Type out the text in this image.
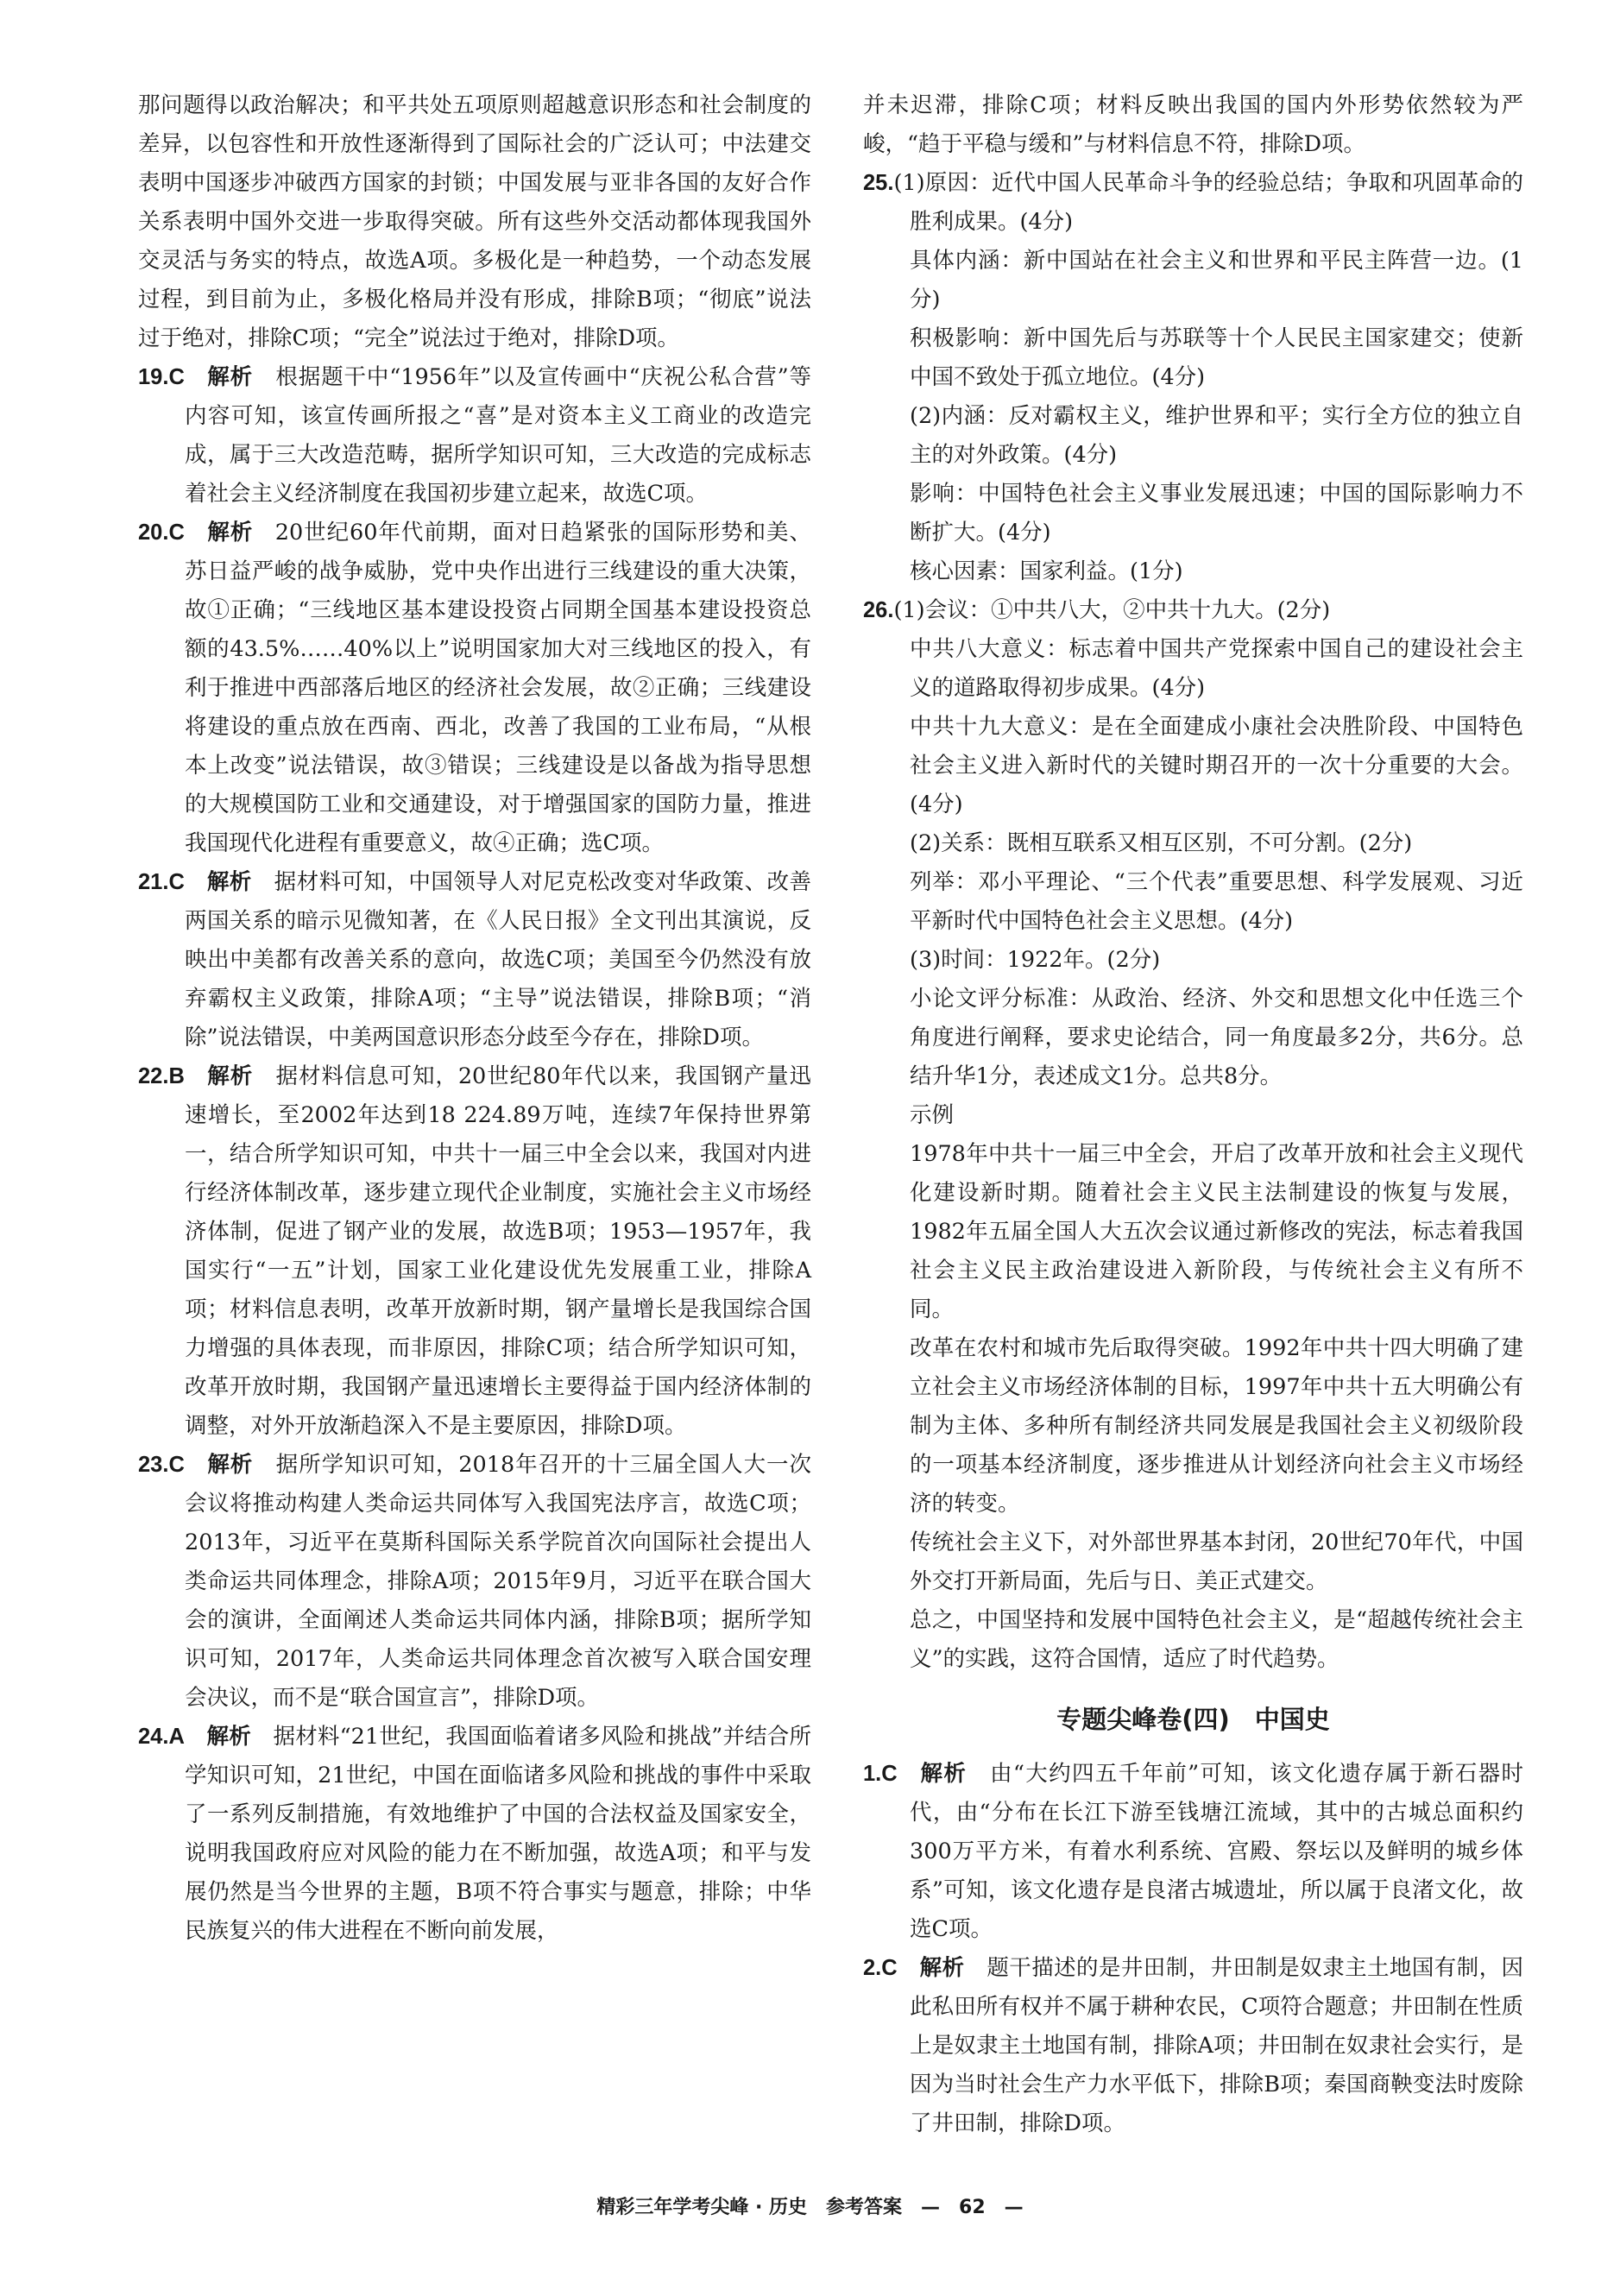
那问题得以政治解决；和平共处五项原则超越意识形态和社会制度的差异，以包容性和开放性逐渐得到了国际社会的广泛认可；中法建交表明中国逐步冲破西方国家的封锁；中国发展与亚非各国的友好合作关系表明中国外交进一步取得突破。所有这些外交活动都体现我国外交灵活与务实的特点，故选A项。多极化是一种趋势，一个动态发展过程，到目前为止，多极化格局并没有形成，排除B项；“彻底”说法过于绝对，排除C项；“完全”说法过于绝对，排除D项。

19.C  解析  根据题干中“1956年”以及宣传画中“庆祝公私合营”等内容可知，该宣传画所报之“喜”是对资本主义工商业的改造完成，属于三大改造范畴，据所学知识可知，三大改造的完成标志着社会主义经济制度在我国初步建立起来，故选C项。

20.C  解析  20世纪60年代前期，面对日趋紧张的国际形势和美、苏日益严峻的战争威胁，党中央作出进行三线建设的重大决策，故①正确；“三线地区基本建设投资占同期全国基本建设投资总额的43.5%……40%以上”说明国家加大对三线地区的投入，有利于推进中西部落后地区的经济社会发展，故②正确；三线建设将建设的重点放在西南、西北，改善了我国的工业布局，“从根本上改变”说法错误，故③错误；三线建设是以备战为指导思想的大规模国防工业和交通建设，对于增强国家的国防力量，推进我国现代化进程有重要意义，故④正确；选C项。

21.C  解析  据材料可知，中国领导人对尼克松改变对华政策、改善两国关系的暗示见微知著，在《人民日报》全文刊出其演说，反映出中美都有改善关系的意向，故选C项；美国至今仍然没有放弃霸权主义政策，排除A项；“主导”说法错误，排除B项；“消除”说法错误，中美两国意识形态分歧至今存在，排除D项。

22.B  解析  据材料信息可知，20世纪80年代以来，我国钢产量迅速增长，至2002年达到18 224.89万吨，连续7年保持世界第一，结合所学知识可知，中共十一届三中全会以来，我国对内进行经济体制改革，逐步建立现代企业制度，实施社会主义市场经济体制，促进了钢产业的发展，故选B项；1953—1957年，我国实行“一五”计划，国家工业化建设优先发展重工业，排除A项；材料信息表明，改革开放新时期，钢产量增长是我国综合国力增强的具体表现，而非原因，排除C项；结合所学知识可知，改革开放时期，我国钢产量迅速增长主要得益于国内经济体制的调整，对外开放渐趋深入不是主要原因，排除D项。

23.C  解析  据所学知识可知，2018年召开的十三届全国人大一次会议将推动构建人类命运共同体写入我国宪法序言，故选C项；2013年，习近平在莫斯科国际关系学院首次向国际社会提出人类命运共同体理念，排除A项；2015年9月，习近平在联合国大会的演讲，全面阐述人类命运共同体内涵，排除B项；据所学知识可知，2017年，人类命运共同体理念首次被写入联合国安理会决议，而不是“联合国宣言”，排除D项。

24.A  解析  据材料“21世纪，我国面临着诸多风险和挑战”并结合所学知识可知，21世纪，中国在面临诸多风险和挑战的事件中采取了一系列反制措施，有效地维护了中国的合法权益及国家安全，说明我国政府应对风险的能力在不断加强，故选A项；和平与发展仍然是当今世界的主题，B项不符合事实与题意，排除；中华民族复兴的伟大进程在不断向前发展，

并未迟滞，排除C项；材料反映出我国的国内外形势依然较为严峻，“趋于平稳与缓和”与材料信息不符，排除D项。

25.(1)原因：近代中国人民革命斗争的经验总结；争取和巩固革命的胜利成果。(4分)

具体内涵：新中国站在社会主义和世界和平民主阵营一边。(1分)

积极影响：新中国先后与苏联等十个人民民主国家建交；使新中国不致处于孤立地位。(4分)

(2)内涵：反对霸权主义，维护世界和平；实行全方位的独立自主的对外政策。(4分)

影响：中国特色社会主义事业发展迅速；中国的国际影响力不断扩大。(4分)

核心因素：国家利益。(1分)

26.(1)会议：①中共八大，②中共十九大。(2分)

中共八大意义：标志着中国共产党探索中国自己的建设社会主义的道路取得初步成果。(4分)

中共十九大意义：是在全面建成小康社会决胜阶段、中国特色社会主义进入新时代的关键时期召开的一次十分重要的大会。(4分)

(2)关系：既相互联系又相互区别，不可分割。(2分)

列举：邓小平理论、“三个代表”重要思想、科学发展观、习近平新时代中国特色社会主义思想。(4分)

(3)时间：1922年。(2分)

小论文评分标准：从政治、经济、外交和思想文化中任选三个角度进行阐释，要求史论结合，同一角度最多2分，共6分。总结升华1分，表述成文1分。总共8分。

示例

1978年中共十一届三中全会，开启了改革开放和社会主义现代化建设新时期。随着社会主义民主法制建设的恢复与发展，1982年五届全国人大五次会议通过新修改的宪法，标志着我国社会主义民主政治建设进入新阶段，与传统社会主义有所不同。

改革在农村和城市先后取得突破。1992年中共十四大明确了建立社会主义市场经济体制的目标，1997年中共十五大明确公有制为主体、多种所有制经济共同发展是我国社会主义初级阶段的一项基本经济制度，逐步推进从计划经济向社会主义市场经济的转变。

传统社会主义下，对外部世界基本封闭，20世纪70年代，中国外交打开新局面，先后与日、美正式建交。

总之，中国坚持和发展中国特色社会主义，是“超越传统社会主义”的实践，这符合国情，适应了时代趋势。

专题尖峰卷(四)　中国史

1.C  解析  由“大约四五千年前”可知，该文化遗存属于新石器时代，由“分布在长江下游至钱塘江流域，其中的古城总面积约300万平方米，有着水利系统、宫殿、祭坛以及鲜明的城乡体系”可知，该文化遗存是良渚古城遗址，所以属于良渚文化，故选C项。

2.C  解析  题干描述的是井田制，井田制是奴隶主土地国有制，因此私田所有权并不属于耕种农民，C项符合题意；井田制在性质上是奴隶主土地国有制，排除A项；井田制在奴隶社会实行，是因为当时社会生产力水平低下，排除B项；秦国商鞅变法时废除了井田制，排除D项。

精彩三年学考尖峰 · 历史　参考答案　—　62　—
